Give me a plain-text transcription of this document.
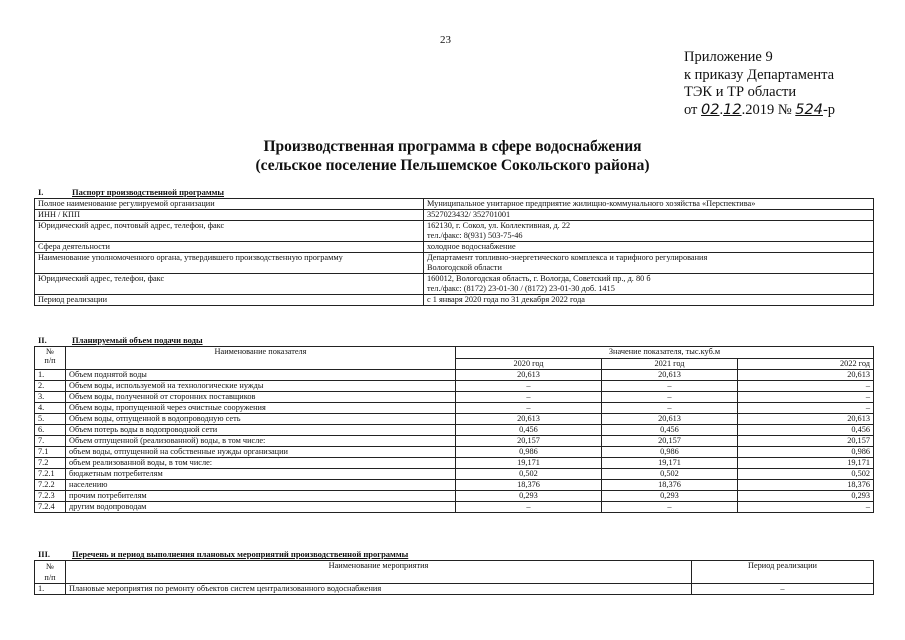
23
Приложение 9
к приказу Департамента
ТЭК и ТР области
от 02.12.2019 № 524-р
Производственная программа в сфере водоснабжения
(сельское поселение Пельшемское Сокольского района)
I.	Паспорт производственной программы
Полное наименование регулируемой организации	Муниципальное унитарное предприятие жилищно-коммунального хозяйства «Перспектива»

ИНН / КПП	3527023432/ 352701001

Юридический адрес, почтовый адрес, телефон, факс	162130, г. Сокол, ул. Коллективная, д. 22
тел./факс: 8(931) 503-75-46

Сфера деятельности	холодное водоснабжение

Наименование уполномоченного органа, утвердившего производственную программу	Департамент топливно-энергетического комплекса и тарифного регулирования
Вологодской области

Юридический адрес, телефон, факс	160012, Вологодская область, г. Вологда, Советский пр., д. 80 б
тел./факс: (8172) 23-01-30 / (8172) 23-01-30 доб. 1415

Период реализации	с 1 января 2020 года по 31 декабря 2022 года
II.	Планируемый объем подачи воды
№
п/п	Наименование показателя	Значение показателя, тыс.куб.м		
		2020 год	2021 год	2022 год
1.	Объем поднятой воды	20,613	20,613	20,613
2.	Объем воды, используемой на технологические нужды	–	–	–
3.	Объем воды, полученной от сторонних поставщиков	–	–	–
4.	Объем воды, пропущенной через очистные сооружения	–	–	–
5.	Объем воды, отпущенной в водопроводную сеть	20,613	20,613	20,613
6.	Объем потерь воды в водопроводной сети	0,456	0,456	0,456
7.	Объем отпущенной (реализованной) воды, в том числе:	20,157	20,157	20,157
7.1	объем воды, отпущенной на собственные нужды организации	0,986	0,986	0,986
7.2	объем реализованной воды, в том числе:	19,171	19,171	19,171
7.2.1	бюджетным потребителям	0,502	0,502	0,502
7.2.2	населению	18,376	18,376	18,376
7.2.3	прочим потребителям	0,293	0,293	0,293
7.2.4	другим водопроводам	–	–	–
III.	Перечень и период выполнения плановых мероприятий производственной программы
№
п/п	Наименование мероприятия	Период реализации
1.	Плановые мероприятия по ремонту объектов систем централизованного водоснабжения	–
